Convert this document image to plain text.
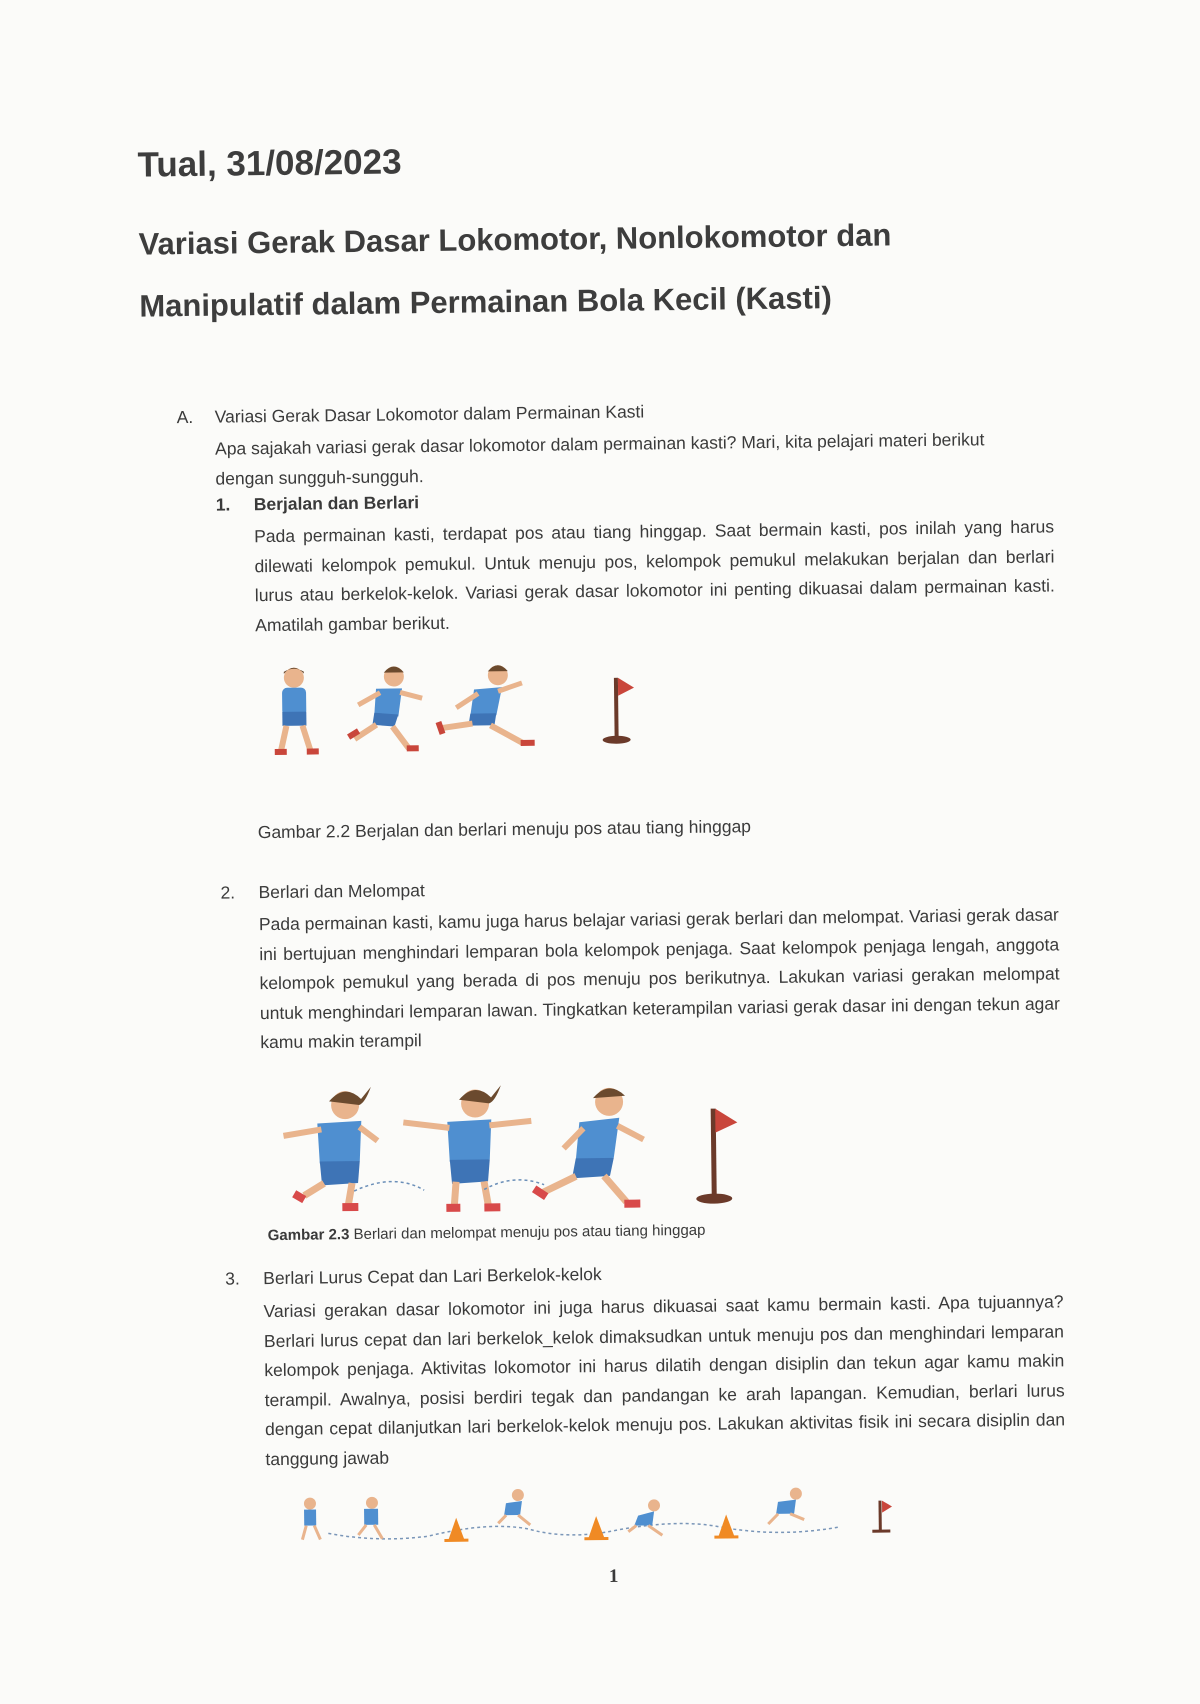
Tual, 31/08/2023
Variasi Gerak Dasar Lokomotor, Nonlokomotor dan
Manipulatif dalam Permainan Bola Kecil (Kasti)
A. Variasi Gerak Dasar Lokomotor dalam Permainan Kasti
Apa sajakah variasi gerak dasar lokomotor dalam permainan kasti? Mari, kita pelajari materi berikut dengan sungguh-sungguh.
1. Berjalan dan Berlari
Pada permainan kasti, terdapat pos atau tiang hinggap. Saat bermain kasti, pos inilah yang harus dilewati kelompok pemukul. Untuk menuju pos, kelompok pemukul melakukan berjalan dan berlari lurus atau berkelok-kelok. Variasi gerak dasar lokomotor ini penting dikuasai dalam permainan kasti. Amatilah gambar berikut.
Gambar 2.2 Berjalan dan berlari menuju pos atau tiang hinggap
2. Berlari dan Melompat
Pada permainan kasti, kamu juga harus belajar variasi gerak berlari dan melompat. Variasi gerak dasar ini bertujuan menghindari lemparan bola kelompok penjaga. Saat kelompok penjaga lengah, anggota kelompok pemukul yang berada di pos menuju pos berikutnya. Lakukan variasi gerakan melompat untuk menghindari lemparan lawan. Tingkatkan keterampilan variasi gerak dasar ini dengan tekun agar kamu makin terampil
Gambar 2.3 Berlari dan melompat menuju pos atau tiang hinggap
3. Berlari Lurus Cepat dan Lari Berkelok-kelok
Variasi gerakan dasar lokomotor ini juga harus dikuasai saat kamu bermain kasti. Apa tujuannya? Berlari lurus cepat dan lari berkelok_kelok dimaksudkan untuk menuju pos dan menghindari lemparan kelompok penjaga. Aktivitas lokomotor ini harus dilatih dengan disiplin dan tekun agar kamu makin terampil. Awalnya, posisi berdiri tegak dan pandangan ke arah lapangan. Kemudian, berlari lurus dengan cepat dilanjutkan lari berkelok-kelok menuju pos. Lakukan aktivitas fisik ini secara disiplin dan tanggung jawab
1
